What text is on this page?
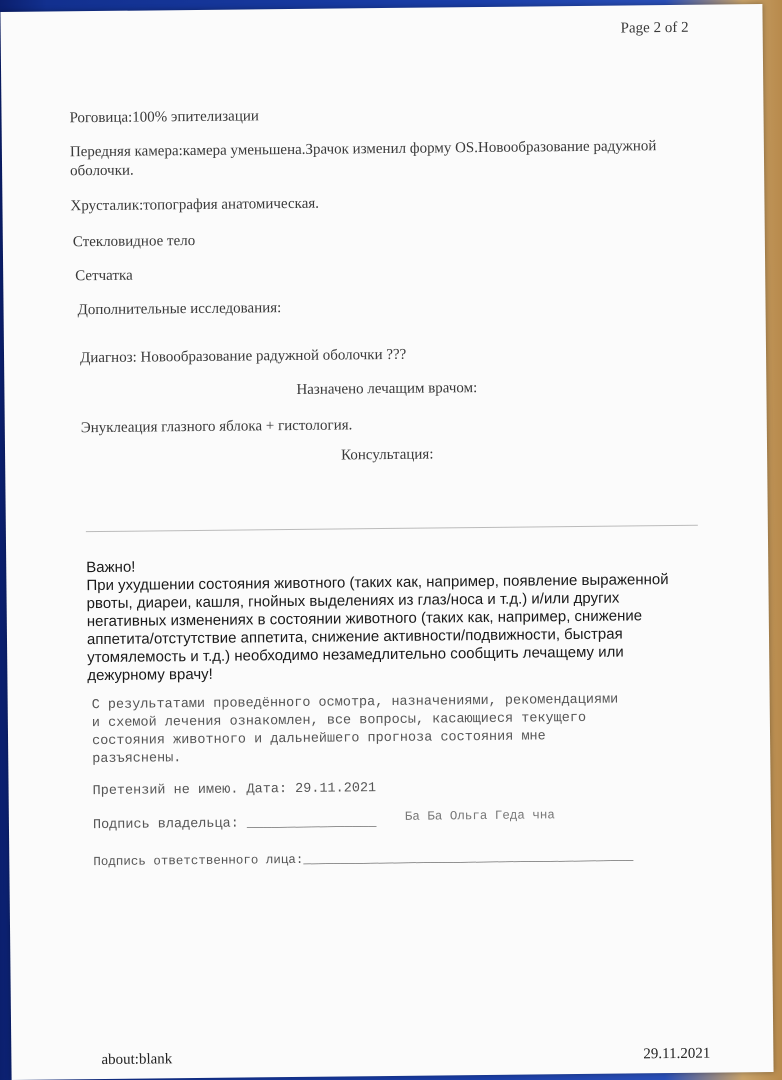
Page 2 of 2
Роговица:100% эпителизации
Передняя камера:камера уменьшена.Зрачок изменил форму OS.Новообразование радужной
оболочки.
Хрусталик:топография анатомическая.
Стекловидное тело
Сетчатка
Дополнительные исследования:
Диагноз: Новообразование радужной оболочки ???
Назначено лечащим врачом:
Энуклеация глазного яблока + гистология.
Консультация:
Важно!
При ухудшении состояния животного (таких как, например, появление выраженной
рвоты, диареи, кашля, гнойных выделениях из глаз/носа и т.д.) и/или других
негативных изменениях в состоянии животного (таких как, например, снижение
аппетита/отстутствие аппетита, снижение активности/подвижности, быстрая
утомялемость и т.д.) необходимо незамедлительно сообщить лечащему или
дежурному врачу!
С результатами проведённого осмотра, назначениями, рекомендациями
и схемой лечения ознакомлен, все вопросы, касающиеся текущего
состояния животного и дальнейшего прогноза состояния мне
разъяснены.
Претензий не имею. Дата: 29.11.2021
Подпись владельца: ________________ Ба Ба Ольга Геда чна
Подпись ответственного лица:____________________________________________
about:blank	29.11.2021
